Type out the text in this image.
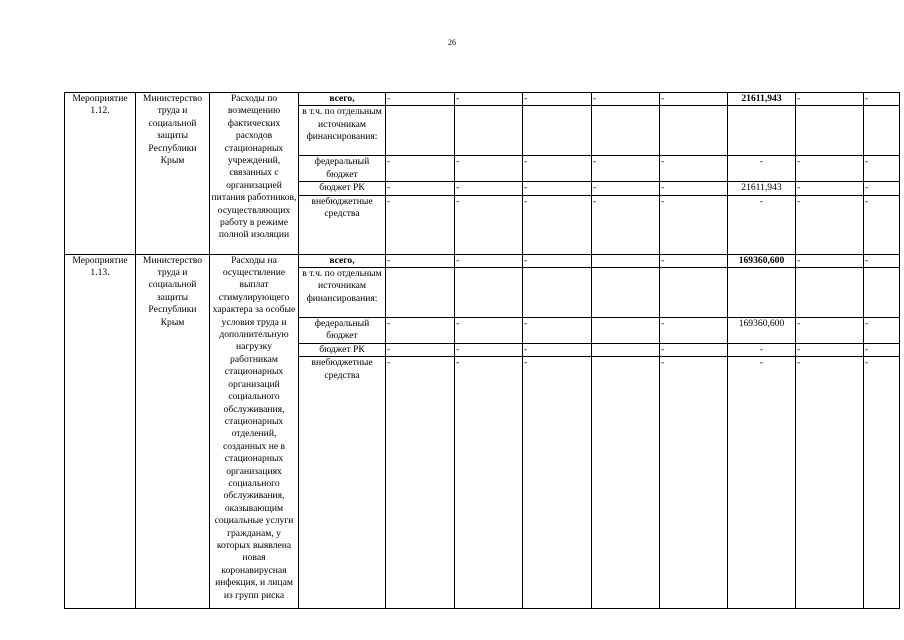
26
Мероприятие 1.12.	Министерство труда и социальной защиты Республики Крым	Расходы по возмещению фактических расходов стационарных учреждений, связанных с организацией питания работников, осуществляющих работу в режиме полной изоляции	всего,	-	-	-	-	-	21611,943	-	-
			в т.ч. по отдельным источникам финансирования:								
			федеральный бюджет	-	-	-	-	-	-	-	-
			бюджет РК	-	-	-	-	-	21611,943	-	-
			внебюджетные средства	-	-	-	-	-	-	-	-
Мероприятие 1.13.	Министерство труда и социальной защиты Республики Крым	Расходы на осуществление выплат стимулирующего характера за особые условия труда и дополнительную нагрузку работникам стационарных организаций социального обслуживания, стационарных отделений, созданных не в стационарных организациях социального обслуживания, оказывающим социальные услуги гражданам, у которых выявлена новая коронавирусная инфекция, и лицам из групп риска	всего,	-	-	-		-	169360,600	-	-
			в т.ч. по отдельным источникам финансирования:								
			федеральный бюджет	-	-	-		-	169360,600	-	-
			бюджет РК	-	-	-		-	-	-	-
			внебюджетные средства	-	-	-		-	-	-	-
